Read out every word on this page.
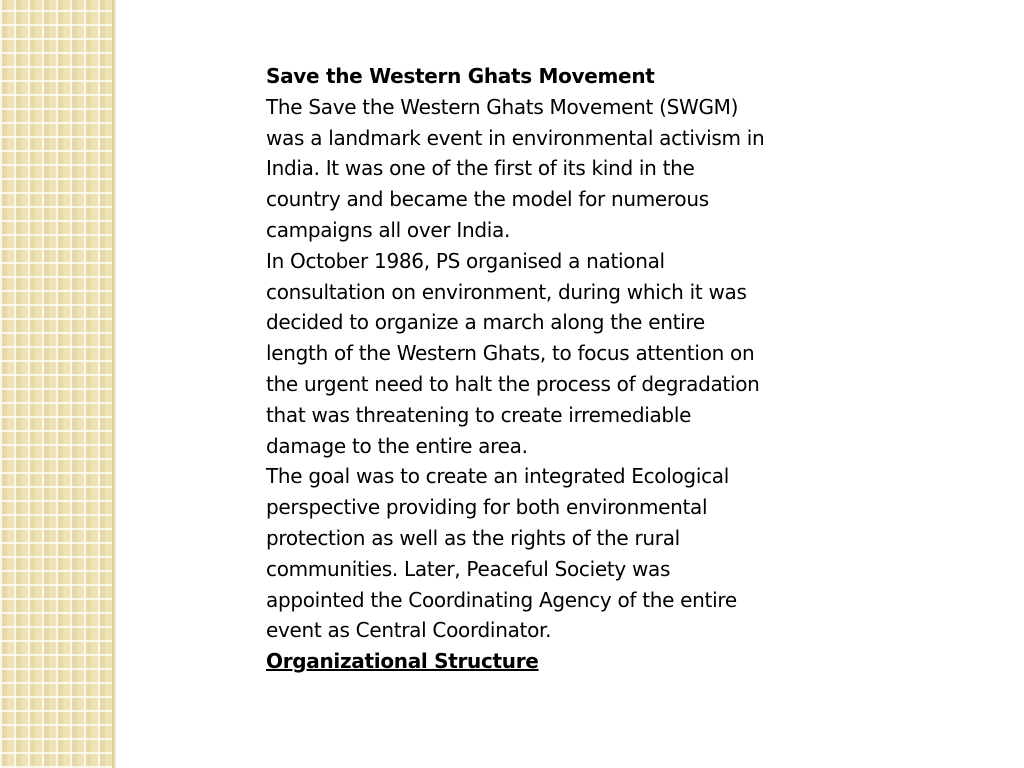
Save the Western Ghats Movement

The Save the Western Ghats Movement (SWGM) was a landmark event in environmental activism in India. It was one of the first of its kind in the country and became the model for numerous campaigns all over India.

In October 1986, PS organised a national consultation on environment, during which it was decided to organize a march along the entire length of the Western Ghats, to focus attention on the urgent need to halt the process of degradation that was threatening to create irremediable damage to the entire area.

The goal was to create an integrated Ecological perspective providing for both environmental protection as well as the rights of the rural communities. Later, Peaceful Society was appointed the Coordinating Agency of the entire event as Central Coordinator.

Organizational Structure
